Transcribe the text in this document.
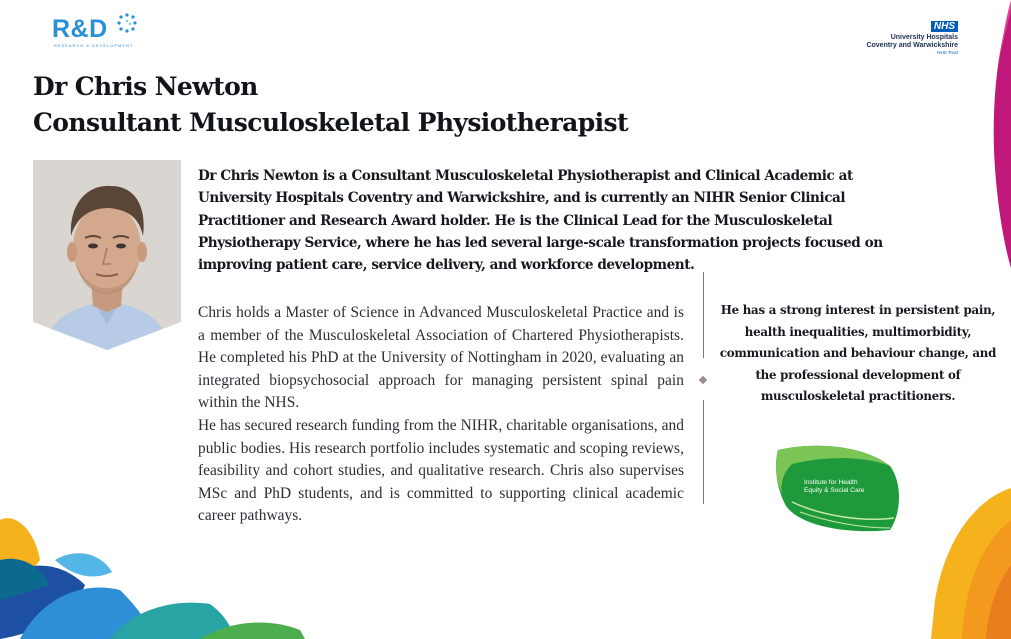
R&D
RESEARCH & DEVELOPMENT
NHS
University Hospitals
Coventry and Warwickshire
NHS Trust
Dr Chris Newton
Consultant Musculoskeletal Physiotherapist

Dr Chris Newton is a Consultant Musculoskeletal Physiotherapist and Clinical Academic at University Hospitals Coventry and Warwickshire, and is currently an NIHR Senior Clinical Practitioner and Research Award holder. He is the Clinical Lead for the Musculoskeletal Physiotherapy Service, where he has led several large-scale transformation projects focused on improving patient care, service delivery, and workforce development.

Chris holds a Master of Science in Advanced Musculoskeletal Practice and is a member of the Musculoskeletal Association of Chartered Physiotherapists. He completed his PhD at the University of Nottingham in 2020, evaluating an integrated biopsychosocial approach for managing persistent spinal pain within the NHS.

He has secured research funding from the NIHR, charitable organisations, and public bodies. His research portfolio includes systematic and scoping reviews, feasibility and cohort studies, and qualitative research. Chris also supervises MSc and PhD students, and is committed to supporting clinical academic career pathways.

He has a strong interest in persistent pain, health inequalities, multimorbidity, communication and behaviour change, and the professional development of musculoskeletal practitioners.

Institute for Health Equity & Social Care
